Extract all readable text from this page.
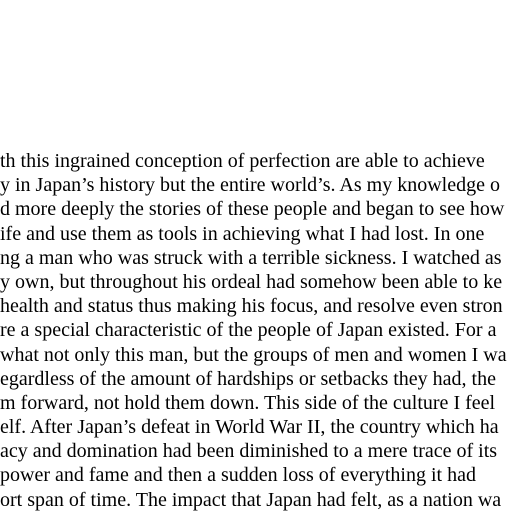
th this ingrained conception of perfection are able to achieve
y in Japan’s history but the entire world’s. As my knowledge o
d more deeply the stories of these people and began to see how
ife and use them as tools in achieving what I had lost. In one
ng a man who was struck with a terrible sickness. I watched as
y own, but throughout his ordeal had somehow been able to ke
health and status thus making his focus, and resolve even stron
re a special characteristic of the people of Japan existed. For a
what not only this man, but the groups of men and women I wa
egardless of the amount of hardships or setbacks they had, the
m forward, not hold them down. This side of the culture I feel
elf. After Japan’s defeat in World War II, the country which ha
acy and domination had been diminished to a mere trace of its
power and fame and then a sudden loss of everything it had
ort span of time. The impact that Japan had felt, as a nation wa
